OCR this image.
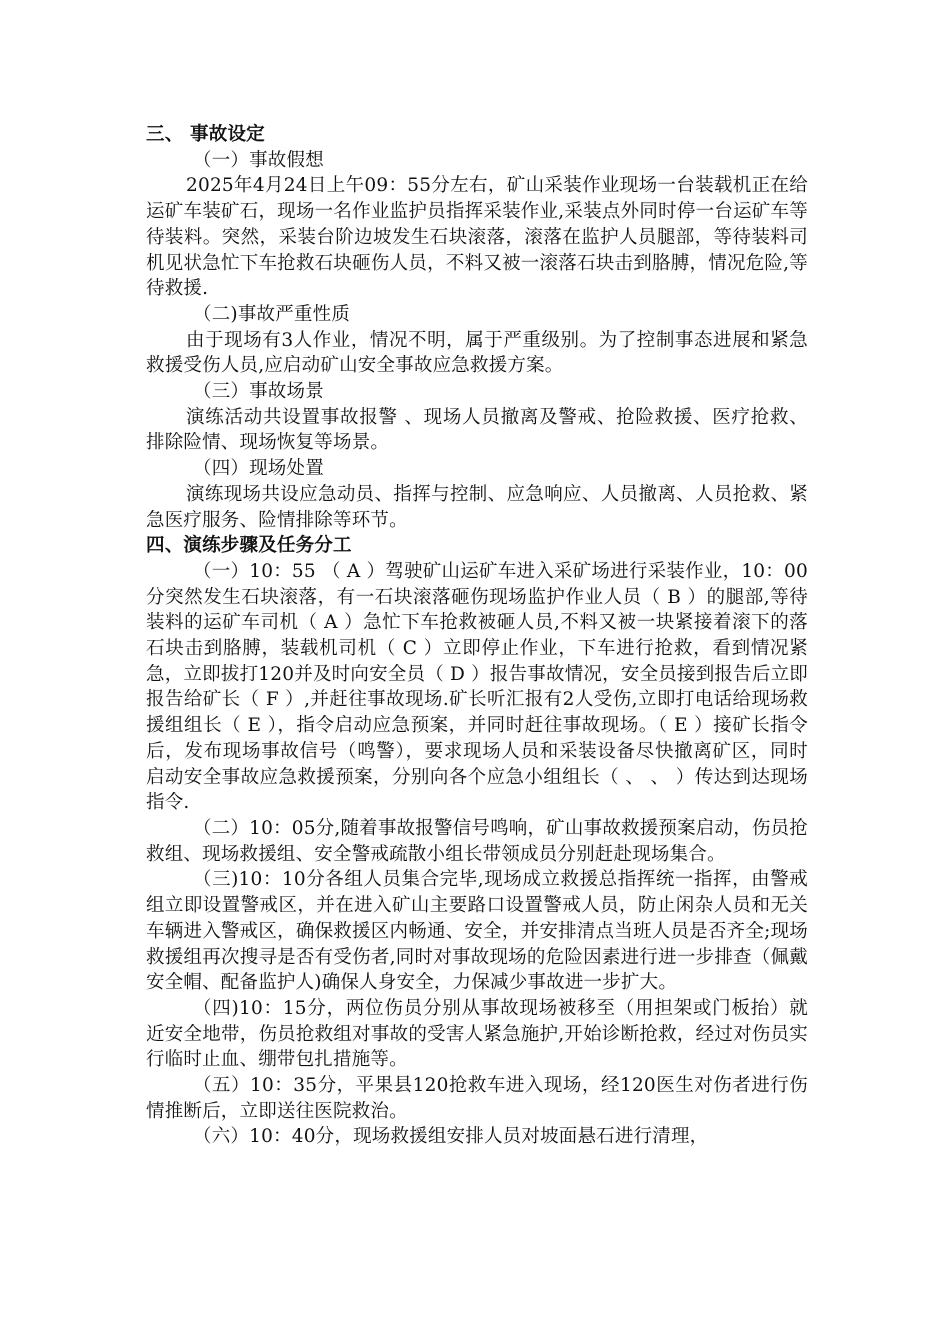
三、 事故设定

（一）事故假想

2025年4月24日上午09：55分左右，矿山采装作业现场一台装载机正在给运矿车装矿石，现场一名作业监护员指挥采装作业,采装点外同时停一台运矿车等待装料。突然，采装台阶边坡发生石块滚落，滚落在监护人员腿部，等待装料司机见状急忙下车抢救石块砸伤人员，不料又被一滚落石块击到胳膊，情况危险,等待救援.

（二)事故严重性质

由于现场有3人作业，情况不明，属于严重级别。为了控制事态进展和紧急救援受伤人员,应启动矿山安全事故应急救援方案。

（三）事故场景

演练活动共设置事故报警 、现场人员撤离及警戒、抢险救援、医疗抢救、排除险情、现场恢复等场景。

（四）现场处置

演练现场共设应急动员、指挥与控制、应急响应、人员撤离、人员抢救、紧急医疗服务、险情排除等环节。

四、演练步骤及任务分工

（一）10：55 （ A ）驾驶矿山运矿车进入采矿场进行采装作业，10：00分突然发生石块滚落，有一石块滚落砸伤现场监护作业人员（ B ）的腿部,等待装料的运矿车司机（ A ）急忙下车抢救被砸人员,不料又被一块紧接着滚下的落石块击到胳膊，装载机司机（ C ）立即停止作业，下车进行抢救，看到情况紧急，立即拔打120并及时向安全员（ D ）报告事故情况，安全员接到报告后立即报告给矿长（ F ）,并赶往事故现场.矿长听汇报有2人受伤,立即打电话给现场救援组组长（ E ），指令启动应急预案，并同时赶往事故现场。（ E ）接矿长指令后，发布现场事故信号（鸣警），要求现场人员和采装设备尽快撤离矿区，同时启动安全事故应急救援预案，分别向各个应急小组组长（ 、 、 ）传达到达现场指令.

（二）10：05分,随着事故报警信号鸣响，矿山事故救援预案启动，伤员抢救组、现场救援组、安全警戒疏散小组长带领成员分别赶赴现场集合。

（三)10：10分各组人员集合完毕,现场成立救援总指挥统一指挥，由警戒组立即设置警戒区，并在进入矿山主要路口设置警戒人员，防止闲杂人员和无关车辆进入警戒区，确保救援区内畅通、安全，并安排清点当班人员是否齐全;现场救援组再次搜寻是否有受伤者,同时对事故现场的危险因素进行进一步排查（佩戴安全帽、配备监护人)确保人身安全，力保减少事故进一步扩大。

（四)10：15分，两位伤员分别从事故现场被移至（用担架或门板抬）就近安全地带，伤员抢救组对事故的受害人紧急施护,开始诊断抢救，经过对伤员实行临时止血、绷带包扎措施等。

（五）10：35分，平果县120抢救车进入现场，经120医生对伤者进行伤情推断后，立即送往医院救治。

（六）10：40分，现场救援组安排人员对坡面悬石进行清理，
